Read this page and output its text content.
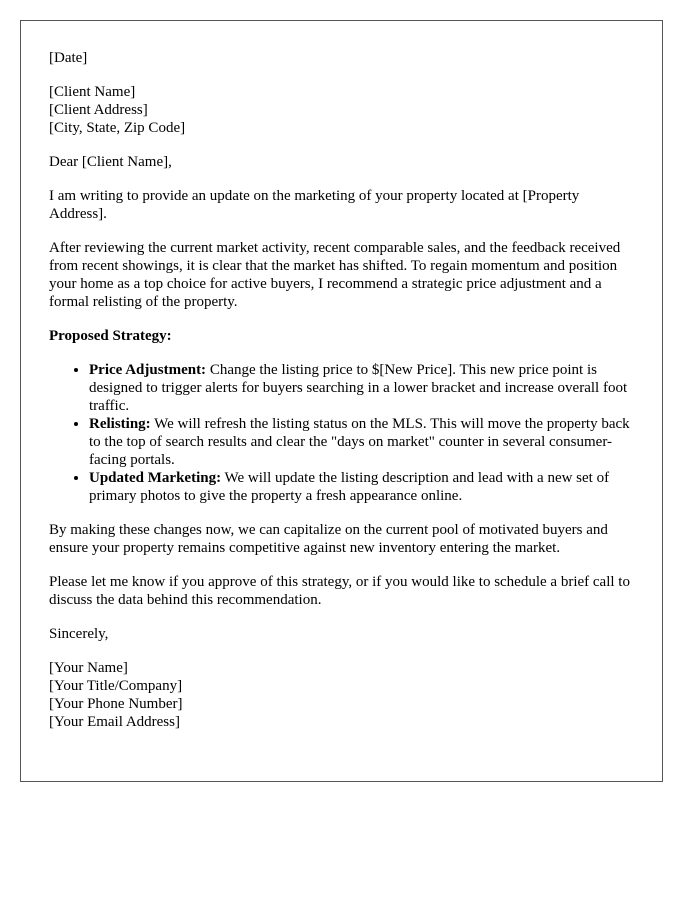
[Date]

[Client Name]
[Client Address]
[City, State, Zip Code]

Dear [Client Name],

I am writing to provide an update on the marketing of your property located at [Property Address].

After reviewing the current market activity, recent comparable sales, and the feedback received from recent showings, it is clear that the market has shifted. To regain momentum and position your home as a top choice for active buyers, I recommend a strategic price adjustment and a formal relisting of the property.

Proposed Strategy:

• Price Adjustment: Change the listing price to $[New Price]. This new price point is designed to trigger alerts for buyers searching in a lower bracket and increase overall foot traffic.
• Relisting: We will refresh the listing status on the MLS. This will move the property back to the top of search results and clear the "days on market" counter in several consumer-facing portals.
• Updated Marketing: We will update the listing description and lead with a new set of primary photos to give the property a fresh appearance online.

By making these changes now, we can capitalize on the current pool of motivated buyers and ensure your property remains competitive against new inventory entering the market.

Please let me know if you approve of this strategy, or if you would like to schedule a brief call to discuss the data behind this recommendation.

Sincerely,

[Your Name]
[Your Title/Company]
[Your Phone Number]
[Your Email Address]
